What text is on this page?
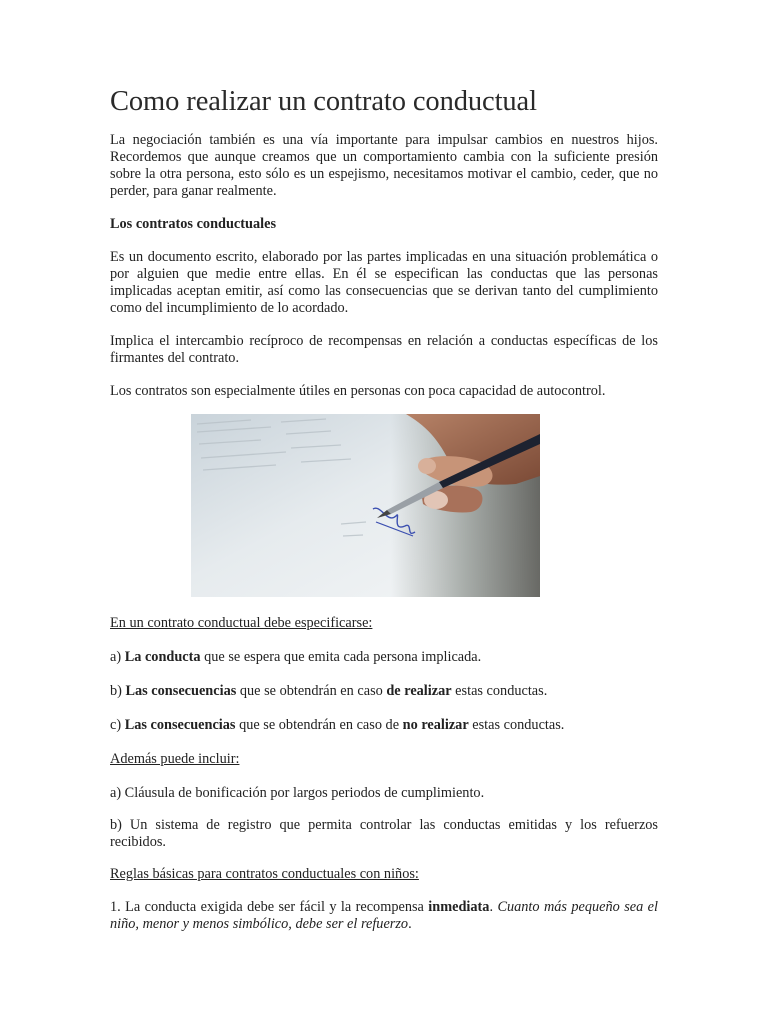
Como realizar un contrato conductual

La negociación también es una vía importante para impulsar cambios en nuestros hijos. Recordemos que aunque creamos que un comportamiento cambia con la suficiente presión sobre la otra persona, esto sólo es un espejismo, necesitamos motivar el cambio, ceder, que no perder, para ganar realmente.

Los contratos conductuales

Es un documento escrito, elaborado por las partes implicadas en una situación problemática o por alguien que medie entre ellas. En él se especifican las conductas que las personas implicadas aceptan emitir, así como las consecuencias que se derivan tanto del cumplimiento como del incumplimiento de lo acordado.

Implica el intercambio recíproco de recompensas en relación a conductas específicas de los firmantes del contrato.

Los contratos son especialmente útiles en personas con poca capacidad de autocontrol.

En un contrato conductual debe especificarse:

a) La conducta que se espera que emita cada persona implicada.

b) Las consecuencias que se obtendrán en caso de realizar estas conductas.

c) Las consecuencias que se obtendrán en caso de no realizar estas conductas.

Además puede incluir:

a) Cláusula de bonificación por largos periodos de cumplimiento.

b) Un sistema de registro que permita controlar las conductas emitidas y los refuerzos recibidos.

Reglas básicas para contratos conductuales con niños:

1. La conducta exigida debe ser fácil y la recompensa inmediata. Cuanto más pequeño sea el niño, menor y menos simbólico, debe ser el refuerzo.
